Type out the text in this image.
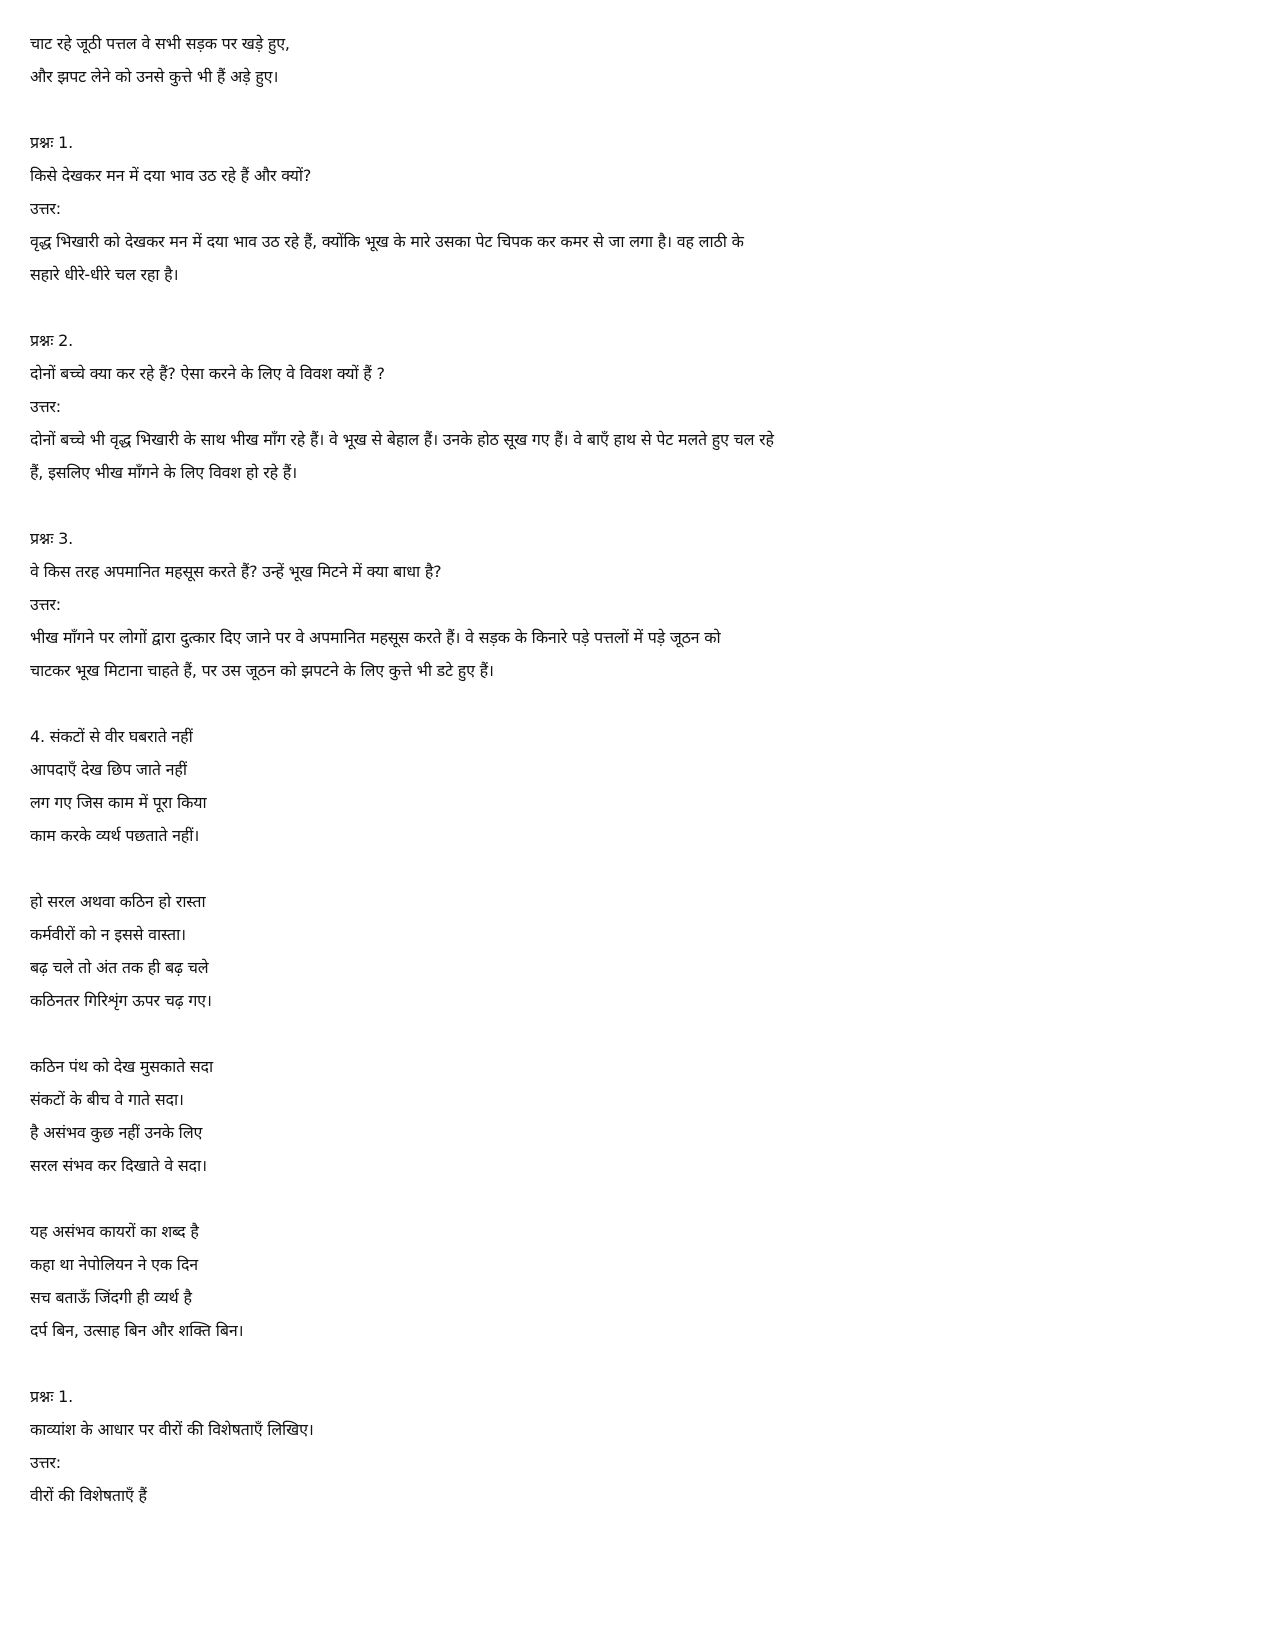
चाट रहे जूठी पत्तल वे सभी सड़क पर खड़े हुए,
और झपट लेने को उनसे कुत्ते भी हैं अड़े हुए।
प्रश्नः 1.
किसे देखकर मन में दया भाव उठ रहे हैं और क्यों?
उत्तर:
वृद्ध भिखारी को देखकर मन में दया भाव उठ रहे हैं, क्योंकि भूख के मारे उसका पेट चिपक कर कमर से जा लगा है। वह लाठी के
सहारे धीरे-धीरे चल रहा है।
प्रश्नः 2.
दोनों बच्चे क्या कर रहे हैं? ऐसा करने के लिए वे विवश क्यों हैं ?
उत्तर:
दोनों बच्चे भी वृद्ध भिखारी के साथ भीख माँग रहे हैं। वे भूख से बेहाल हैं। उनके होठ सूख गए हैं। वे बाएँ हाथ से पेट मलते हुए चल रहे
हैं, इसलिए भीख माँगने के लिए विवश हो रहे हैं।
प्रश्नः 3.
वे किस तरह अपमानित महसूस करते हैं? उन्हें भूख मिटने में क्या बाधा है?
उत्तर:
भीख माँगने पर लोगों द्वारा दुत्कार दिए जाने पर वे अपमानित महसूस करते हैं। वे सड़क के किनारे पड़े पत्तलों में पड़े जूठन को
चाटकर भूख मिटाना चाहते हैं, पर उस जूठन को झपटने के लिए कुत्ते भी डटे हुए हैं।
4. संकटों से वीर घबराते नहीं
आपदाएँ देख छिप जाते नहीं
लग गए जिस काम में पूरा किया
काम करके व्यर्थ पछताते नहीं।
हो सरल अथवा कठिन हो रास्ता
कर्मवीरों को न इससे वास्ता।
बढ़ चले तो अंत तक ही बढ़ चले
कठिनतर गिरिशृंग ऊपर चढ़ गए।
कठिन पंथ को देख मुसकाते सदा
संकटों के बीच वे गाते सदा।
है असंभव कुछ नहीं उनके लिए
सरल संभव कर दिखाते वे सदा।
यह असंभव कायरों का शब्द है
कहा था नेपोलियन ने एक दिन
सच बताऊँ जिंदगी ही व्यर्थ है
दर्प बिन, उत्साह बिन और शक्ति बिन।
प्रश्नः 1.
काव्यांश के आधार पर वीरों की विशेषताएँ लिखिए।
उत्तर:
वीरों की विशेषताएँ हैं
